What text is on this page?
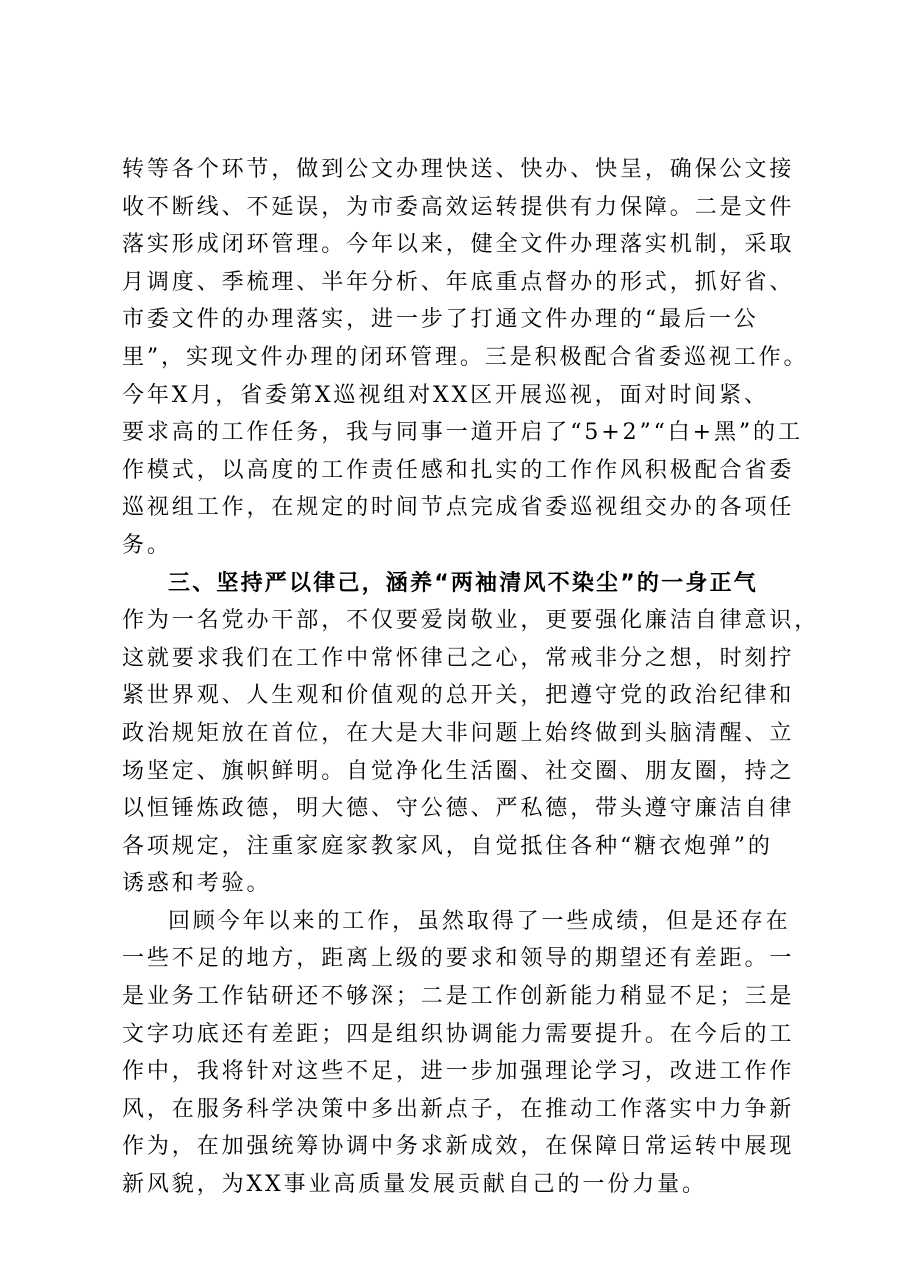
转等各个环节，做到公文办理快送、快办、快呈，确保公文接
收不断线、不延误，为市委高效运转提供有力保障。二是文件
落实形成闭环管理。今年以来，健全文件办理落实机制，采取
月调度、季梳理、半年分析、年底重点督办的形式，抓好省、
市委文件的办理落实，进一步了打通文件办理的“最后一公
里”，实现文件办理的闭环管理。三是积极配合省委巡视工作。
今年X月，省委第X巡视组对XX区开展巡视，面对时间紧、
要求高的工作任务，我与同事一道开启了“5+2”“白+黑”的工
作模式，以高度的工作责任感和扎实的工作作风积极配合省委
巡视组工作，在规定的时间节点完成省委巡视组交办的各项任
务。
三、坚持严以律己，涵养“两袖清风不染尘”的一身正气
作为一名党办干部，不仅要爱岗敬业，更要强化廉洁自律意识，
这就要求我们在工作中常怀律己之心，常戒非分之想，时刻拧
紧世界观、人生观和价值观的总开关，把遵守党的政治纪律和
政治规矩放在首位，在大是大非问题上始终做到头脑清醒、立
场坚定、旗帜鲜明。自觉净化生活圈、社交圈、朋友圈，持之
以恒锤炼政德，明大德、守公德、严私德，带头遵守廉洁自律
各项规定，注重家庭家教家风，自觉抵住各种“糖衣炮弹”的
诱惑和考验。
回顾今年以来的工作，虽然取得了一些成绩，但是还存在
一些不足的地方，距离上级的要求和领导的期望还有差距。一
是业务工作钻研还不够深；二是工作创新能力稍显不足；三是
文字功底还有差距；四是组织协调能力需要提升。在今后的工
作中，我将针对这些不足，进一步加强理论学习，改进工作作
风，在服务科学决策中多出新点子，在推动工作落实中力争新
作为，在加强统筹协调中务求新成效，在保障日常运转中展现
新风貌，为XX事业高质量发展贡献自己的一份力量。
